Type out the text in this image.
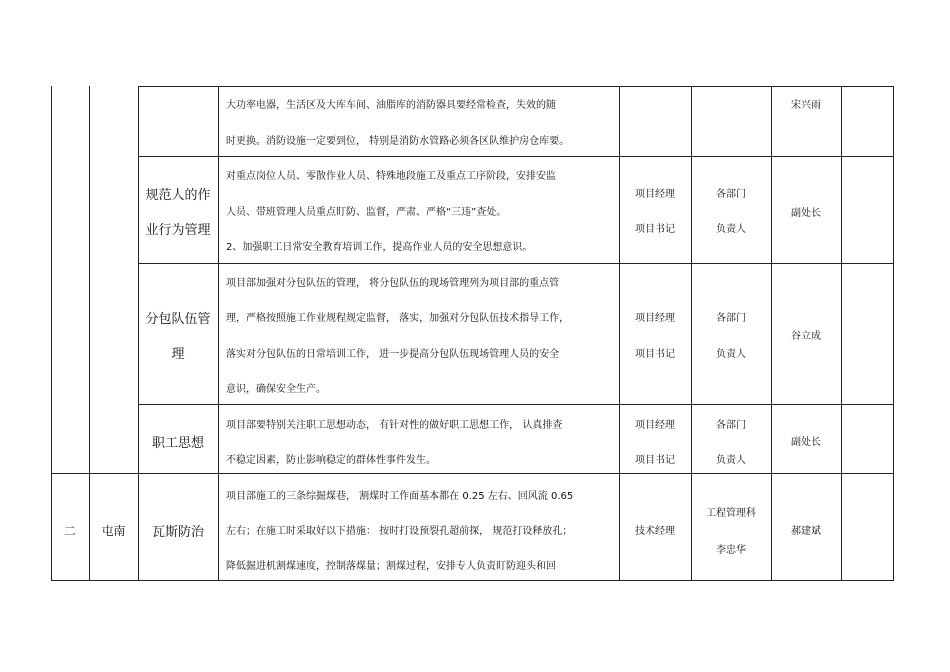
大功率电器，生活区及大库车间、油脂库的消防器具要经常检查，失效的随
时更换。消防设施一定要到位， 特别是消防水管路必须各区队维护房仓库要。
宋兴雨
规范人的作
业行为管理
对重点岗位人员、零散作业人员、特殊地段施工及重点工序阶段，安排安监
人员、带班管理人员重点盯防、监督，严肃、严格“三违”查处。
2、加强职工日常安全教育培训工作，提高作业人员的安全思想意识。
项目经理
项目书记
各部门
负责人
副处长
分包队伍管
理
项目部加强对分包队伍的管理， 将分包队伍的现场管理列为项目部的重点管
理，严格按照施工作业规程规定监督， 落实，加强对分包队伍技术指导工作，
落实对分包队伍的日常培训工作， 进一步提高分包队伍现场管理人员的安全
意识，确保安全生产。
项目经理
项目书记
各部门
负责人
谷立成
职工思想
项目部要特别关注职工思想动态， 有针对性的做好职工思想工作， 认真排查
不稳定因素，防止影响稳定的群体性事件发生。
项目经理
项目书记
各部门
负责人
副处长
二	屯南	瓦斯防治
项目部施工的三条综掘煤巷， 割煤时工作面基本都在 0.25 左右、回风流 0.65
左右；在施工时采取好以下措施： 按时打设预裂孔超前探， 规范打设释放孔；
降低掘进机割煤速度，控制落煤量；割煤过程，安排专人负责盯防迎头和回
技术经理
工程管理科
李忠华
郝建斌
